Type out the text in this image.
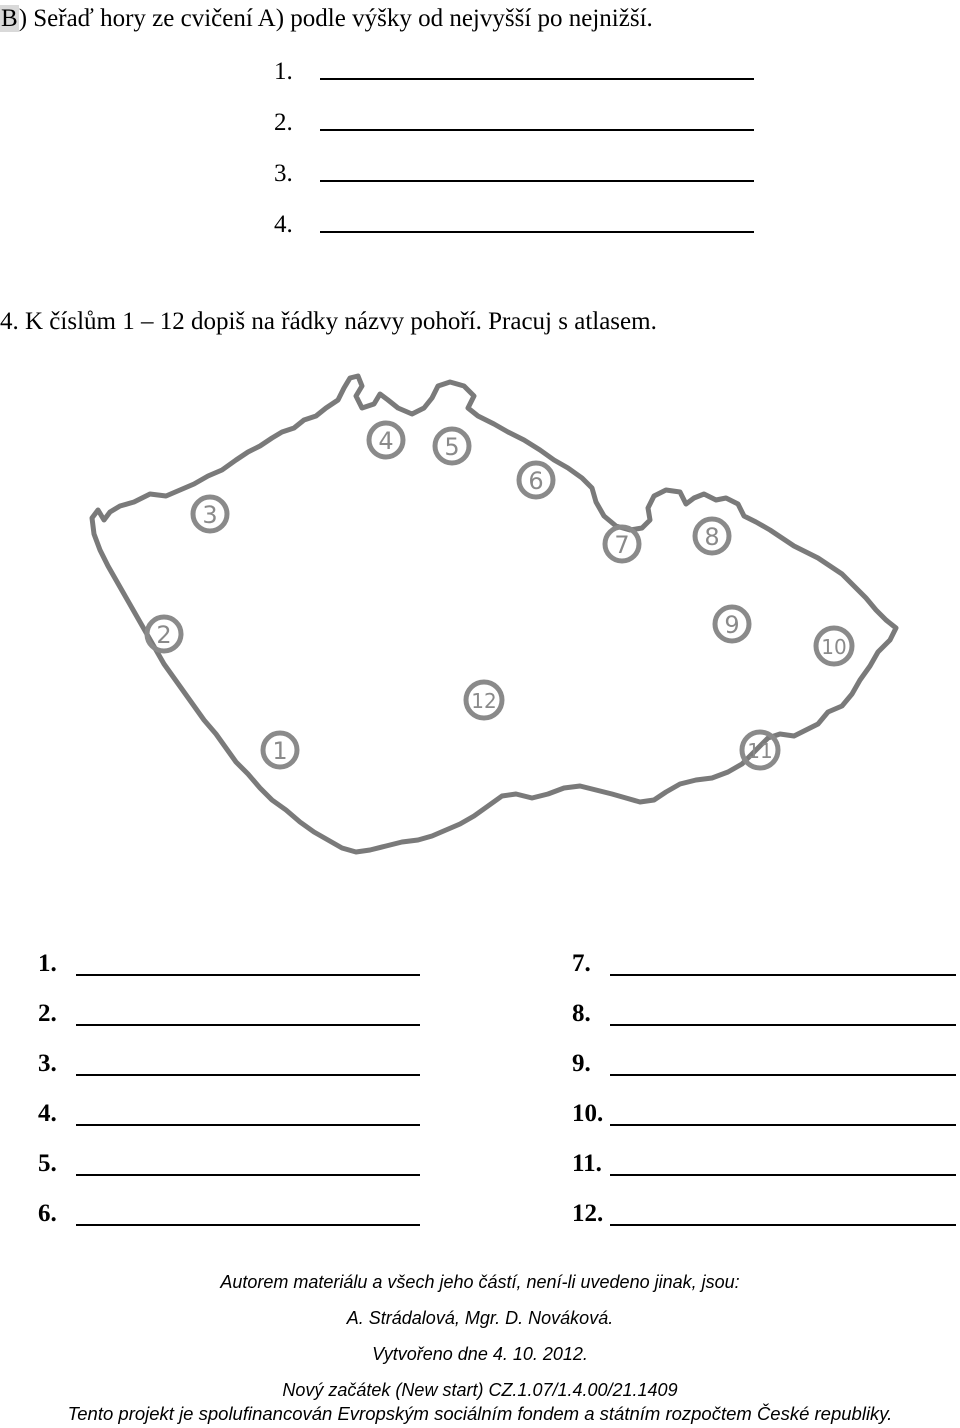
B) Seřaď hory ze cvičení A) podle výšky od nejvyšší po nejnižší.
1.
2.
3.
4.
4. K číslům 1 – 12 dopiš na řádky názvy pohoří. Pracuj s atlasem.
1
2
3
4 5
6
7	8
9
10
11
12
1.
2.
3.
4.
5.
6.
7.
8.
9.
10.
11.
12.
Autorem materiálu a všech jeho částí, není-li uvedeno jinak, jsou:
A. Strádalová, Mgr. D. Nováková.
Vytvořeno dne 4. 10. 2012.
Nový začátek (New start) CZ.1.07/1.4.00/21.1409
Tento projekt je spolufinancován Evropským sociálním fondem a státním rozpočtem České republiky.
